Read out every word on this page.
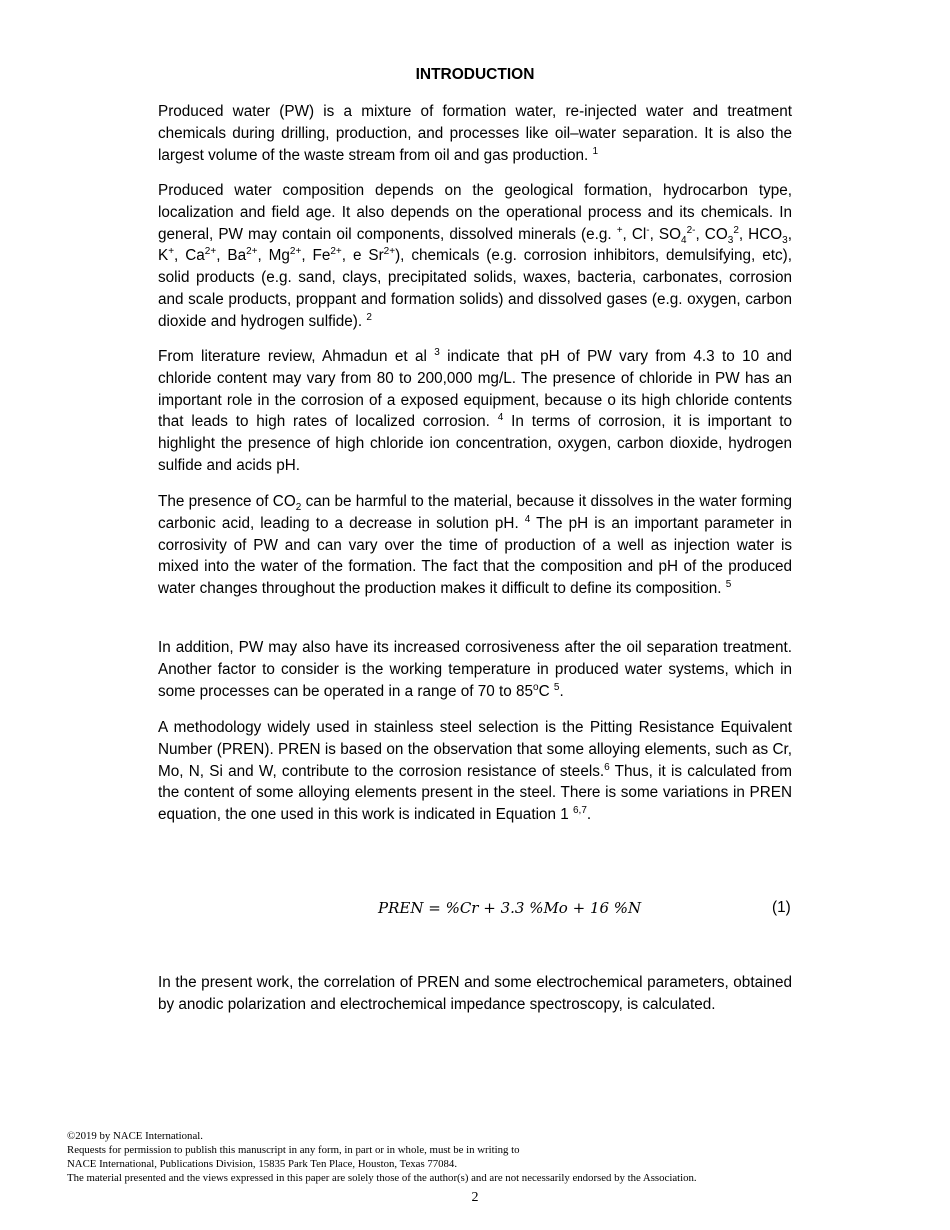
INTRODUCTION

Produced water (PW) is a mixture of formation water, re-injected water and treatment chemicals during drilling, production, and processes like oil–water separation. It is also the largest volume of the waste stream from oil and gas production. $^1$

Produced water composition depends on the geological formation, hydrocarbon type, localization and field age. It also depends on the operational process and its chemicals. In general, PW may contain oil components, dissolved minerals (e.g. +, Cl-, $SO_4^{2-}$, $CO_3^2$, $HCO_3$, K+, $Ca^{2+}$, $Ba^{2+}$, $Mg^{2+}$, $Fe^{2+}$, e $Sr^{2+}$), chemicals (e.g. corrosion inhibitors, demulsifying, etc), solid products (e.g. sand, clays, precipitated solids, waxes, bacteria, carbonates, corrosion and scale products, proppant and formation solids) and dissolved gases (e.g. oxygen, carbon dioxide and hydrogen sulfide). $^2$

From literature review, Ahmadun et al $^3$ indicate that pH of PW vary from 4.3 to 10 and chloride content may vary from 80 to 200,000 mg/L. The presence of chloride in PW has an important role in the corrosion of a exposed equipment, because o its high chloride contents that leads to high rates of localized corrosion. $^4$ In terms of corrosion, it is important to highlight the presence of high chloride ion concentration, oxygen, carbon dioxide, hydrogen sulfide and acids pH.

The presence of $CO_2$ can be harmful to the material, because it dissolves in the water forming carbonic acid, leading to a decrease in solution pH. $^4$ The pH is an important parameter in corrosivity of PW and can vary over the time of production of a well as injection water is mixed into the water of the formation. The fact that the composition and pH of the produced water changes throughout the production makes it difficult to define its composition. $^5$

In addition, PW may also have its increased corrosiveness after the oil separation treatment. Another factor to consider is the working temperature in produced water systems, which in some processes can be operated in a range of 70 to 85$^o$C $^5$.

A methodology widely used in stainless steel selection is the Pitting Resistance Equivalent Number (PREN). PREN is based on the observation that some alloying elements, such as Cr, Mo, N, Si and W, contribute to the corrosion resistance of steels.$^6$ Thus, it is calculated from the content of some alloying elements present in the steel. There is some variations in PREN equation, the one used in this work is indicated in Equation 1 $^{6,7}$.

PREN = %Cr + 3.3 %Mo + 16 %N	(1)

In the present work, the correlation of PREN and some electrochemical parameters, obtained by anodic polarization and electrochemical impedance spectroscopy, is calculated.

©2019 by NACE International.
Requests for permission to publish this manuscript in any form, in part or in whole, must be in writing to
NACE International, Publications Division, 15835 Park Ten Place, Houston, Texas 77084.
The material presented and the views expressed in this paper are solely those of the author(s) and are not necessarily endorsed by the Association.
2
